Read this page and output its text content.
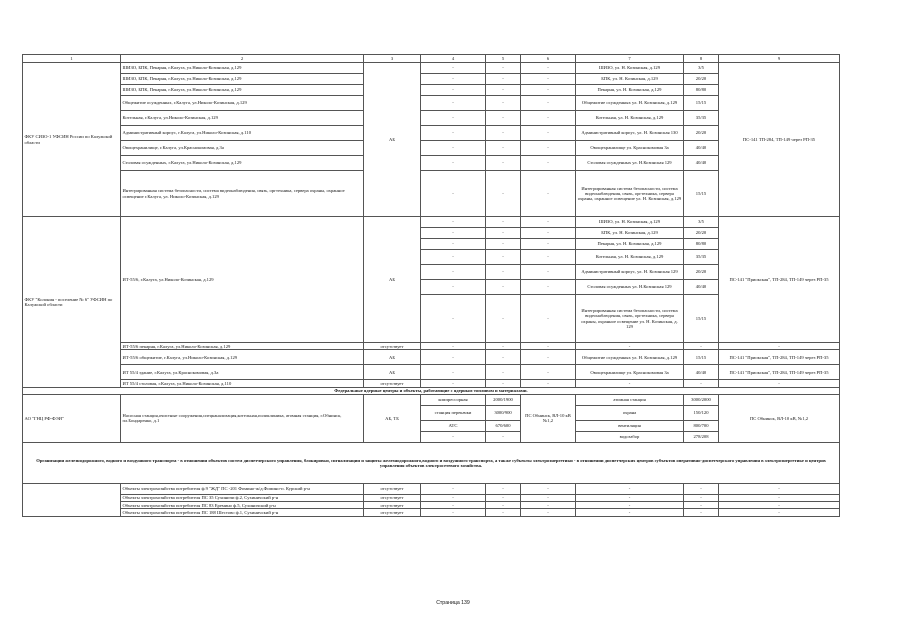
1	2	3	4	5	6	7	8	9
ФКУ СИЗО-1 УФСИН России по Калужской области	ШИЗО, БПК, Пекарня, г.Калуга, ул.Николо-Козинская, д.129	АБ	-	-	-	ШИЗО, ул. Н. Козинская, д.129	3/5	ПС-141 ТП-284, ТП-149 через РП-35
	ШИЗО, БПК, Пекарня, г.Калуга, ул.Николо-Козинская, д.129		-	-	-	БПК, ул. Н. Козинская, д.129	20/20	
	ШИЗО, БПК, Пекарня, г.Калуга, ул.Николо-Козинская, д.129		-	-	-	Пекарня, ул. Н. Козинская, д.129	80/80	
	Общежитие осужденных, г.Калуга, ул.Николо-Козинская, д.129		-	-	-	Общежитие осужденных ул. Н. Козинская, д.129	15/15	
	Котельная, г.Калуга, ул.Николо-Козинская, д.129		-	-	-	Котельная, ул. Н. Козинская, д.129	35/35	
	Административный корпус, г.Калуга, ул.Николо-Козинская, д.110		-	-	-	Административный корпус, ул. Н. Козинская 130	20/20	
	Овощехранилище, г.Калуга, ул.Краснокомовая, д.3а		-	-	-	Овощехранилище ул. Краснокомовая 3а	40/40	
	Столовая осужденных, г.Калуга, ул.Николо-Козинская, д.129		-	-	-	Столовая осужденных ул. Н.Козинская 129	40/40	
	Интегрированная система безопасности, система видеонаблюдения, связь, оргтехника, сервера охраны, охранное освещение г.Калуга, ул. Николо-Козинская, д.129		-	-	-	Интегрированная система безопасности, система видеонаблюдения, связь, оргтехника, сервера охраны, охранное освещение ул. Н. Козинская, д.129	15/15	
ФКУ "Колония - поселение № 6" УФСИН по Калужской области	ИТ-55/6, г.Калуга, ул.Николо-Козинская, д.129	АБ	-	-	-	ШИЗО, ул. Н. Козинская, д.129	3/5	ПС-141 "Приокская", ТП-284, ТП-149 через РП-35
			-	-	-	БПК, ул. Н. Козинская, д.129	20/20	
			-	-	-	Пекарня, ул. Н. Козинская, д.129	80/80	
			-	-	-	Котельная, ул. Н. Козинская, д.129	35/35	
			-	-	-	Административный корпус, ул. Н. Козинская 129	20/20	
			-	-	-	Столовая осужденных ул. Н.Козинская 129	40/40	
			-	-	-	Интегрированная система безопасности, система видеонаблюдения, связь, оргтехника, сервера охраны, охранное освещение ул. Н. Козинская, д. 129	15/15	
	ИТ-55/6 пекарня, г.Калуга, ул.Николо-Козинская, д.129	отсутствует	-	-	-	-	-	-
	ИТ-55/6 общежитие, г.Калуга, ул.Николо-Козинская, д.129	АБ	-	-	-	Общежитие осужденных ул. Н. Козинская, д.129	15/15	ПС-141 "Приокская", ТП-284, ТП-149 через РП-35
	ИТ 55/4 здание, г.Калуга, ул.Краснокомовая, д.3а	АБ	-	-	-	Овощехранилище ул. Краснокомовая 3а	40/40	ПС-141 "Приокская", ТП-284, ТП-149 через РП-35
	ИТ 55/4 столовая, г.Калуга, ул.Николо-Козинская, д.110	отсутствует	-	-	-	-	-	-
Федеральные ядерные центры и объекты, работающие с ядерным топливом и материалами.								
АО "ГНЦ РФ-ФЭИ"	Насосная станция,очистные сооружения,спецканализация,котельная,поликлиника, атомная станция, г.Обнинск, пл.Бондаренко, д.1	АБ, ТБ	компрессорная	2000/1900	ПС Обнинск, ВЛ-10 кВ №1,2	атомная станция	3000/2000	ПС Обнинск, ВЛ-10 кВ, №1,2
			станция перекачки	3000/900		охрана	150/120	
			АТС	670/600		вентиляция	800/700	
			-	-		водозабор	278/208	
Организации железнодорожного, водного и воздушного транспорта - в отношении объектов систем диспетчерского управления, блокировки, сигнализации и защиты железнодорожного,водного и воздушного транспорта, а также субъекты электроэнергетики - в отношении диспетчерских центров субъектов оперативно-диспетчерского управления в электроэнергетике и центров управления объектов электросетевого хозяйства.								
	Объекты электрохозяйства потребителя ф.9 "ЖД" ПС -201 Фомино-ж/д.Фомино-п. Курский р-н	отсутствует	-	-	-	-	-	-
	Объекты электрохозяйства потребителя ПС 35 Сухиничи ф.2, Сухиничский р-н	отсутствует	-	-	-	-	-	-
	Объекты электрохозяйства потребителя ПС 83 Еремино ф.5, Сухиничский р-н	отсутствует	-	-	-	-	-	-
	Объекты электрохозяйства потребителя ПС 188 Шестово ф.1, Сухиничский р-н	отсутствует	-	-	-	-	-	-
Страница 139
